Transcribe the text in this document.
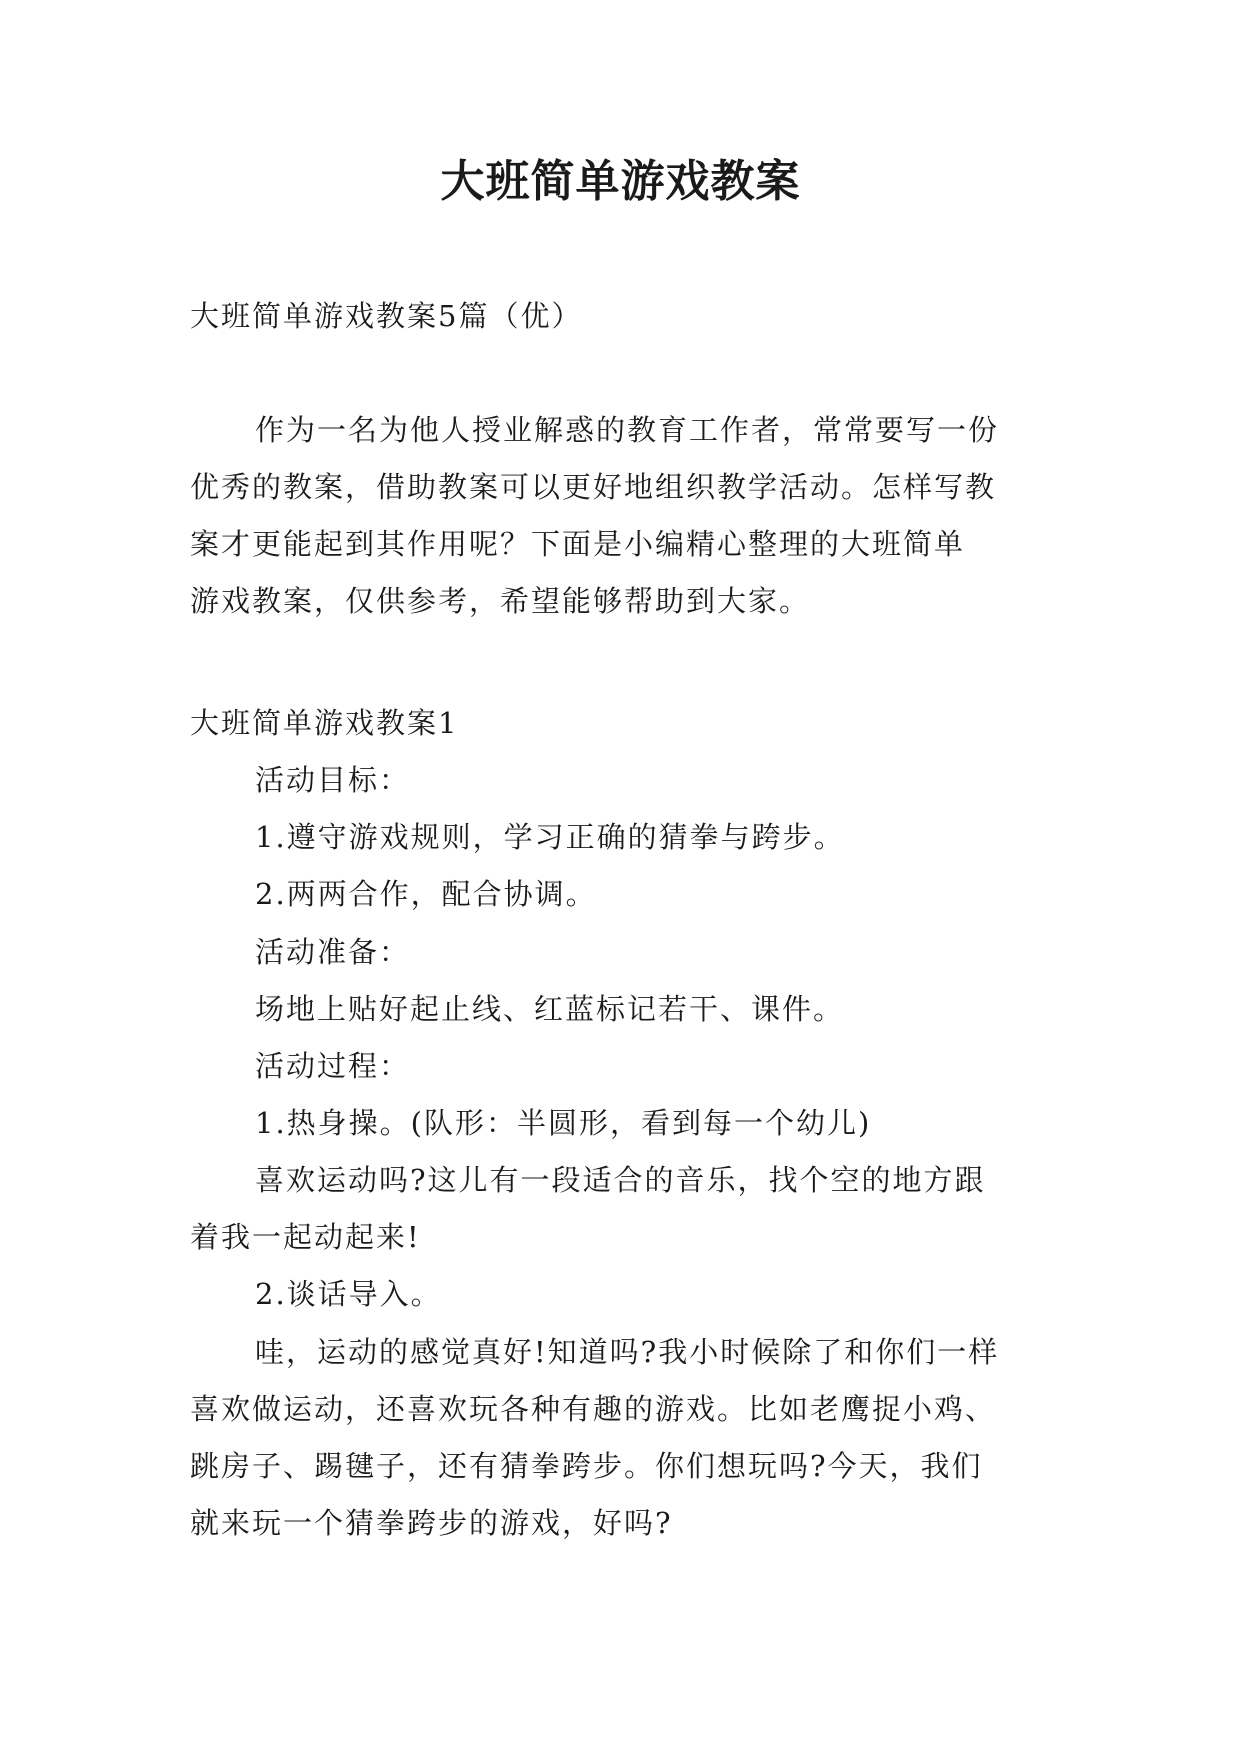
大班简单游戏教案

大班简单游戏教案5篇（优）

作为一名为他人授业解惑的教育工作者，常常要写一份

优秀的教案，借助教案可以更好地组织教学活动。怎样写教

案才更能起到其作用呢？下面是小编精心整理的大班简单

游戏教案，仅供参考，希望能够帮助到大家。

大班简单游戏教案1

活动目标：

1.遵守游戏规则，学习正确的猜拳与跨步。

2.两两合作，配合协调。

活动准备：

场地上贴好起止线、红蓝标记若干、课件。

活动过程：

1.热身操。(队形：半圆形，看到每一个幼儿)

喜欢运动吗?这儿有一段适合的音乐，找个空的地方跟

着我一起动起来!

2.谈话导入。

哇，运动的感觉真好!知道吗?我小时候除了和你们一样

喜欢做运动，还喜欢玩各种有趣的游戏。比如老鹰捉小鸡、

跳房子、踢毽子，还有猜拳跨步。你们想玩吗?今天，我们

就来玩一个猜拳跨步的游戏，好吗?
